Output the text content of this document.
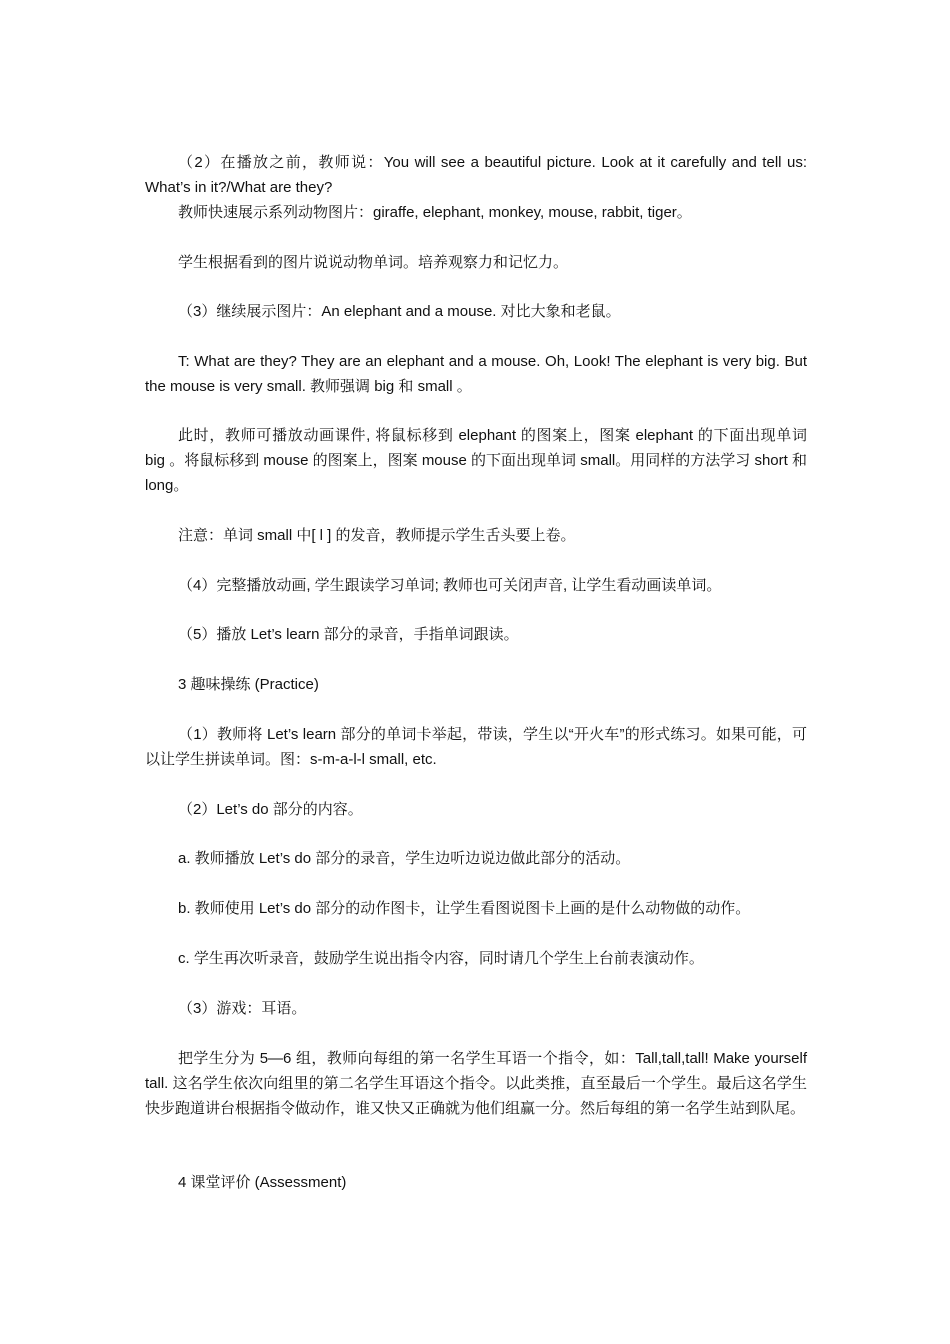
（2）在播放之前，教师说：You will see a beautiful picture. Look at it carefully and tell us: What’s in it?/What are they?

教师快速展示系列动物图片：giraffe, elephant, monkey, mouse, rabbit, tiger。

学生根据看到的图片说说动物单词。培养观察力和记忆力。

（3）继续展示图片：An elephant and a mouse. 对比大象和老鼠。

T: What are they? They are an elephant and a mouse. Oh, Look! The elephant is very big. But the mouse is very small. 教师强调 big 和 small 。

此时，教师可播放动画课件, 将鼠标移到 elephant 的图案上，图案 elephant 的下面出现单词 big 。将鼠标移到 mouse 的图案上，图案 mouse 的下面出现单词 small。用同样的方法学习 short 和 long。

注意：单词 small 中[ l ] 的发音，教师提示学生舌头要上卷。

（4）完整播放动画, 学生跟读学习单词; 教师也可关闭声音, 让学生看动画读单词。

（5）播放 Let’s learn 部分的录音，手指单词跟读。

3 趣味操练 (Practice)

（1）教师将 Let’s learn 部分的单词卡举起，带读，学生以“开火车”的形式练习。如果可能，可以让学生拼读单词。图：s-m-a-l-l small, etc.

（2）Let’s do 部分的内容。

a. 教师播放 Let’s do 部分的录音，学生边听边说边做此部分的活动。

b. 教师使用 Let’s do 部分的动作图卡，让学生看图说图卡上画的是什么动物做的动作。

c. 学生再次听录音，鼓励学生说出指令内容，同时请几个学生上台前表演动作。

（3）游戏：耳语。

把学生分为 5—6 组，教师向每组的第一名学生耳语一个指令，如：Tall,tall,tall! Make yourself tall. 这名学生依次向组里的第二名学生耳语这个指令。以此类推，直至最后一个学生。最后这名学生快步跑道讲台根据指令做动作，谁又快又正确就为他们组赢一分。然后每组的第一名学生站到队尾。

4 课堂评价 (Assessment)
